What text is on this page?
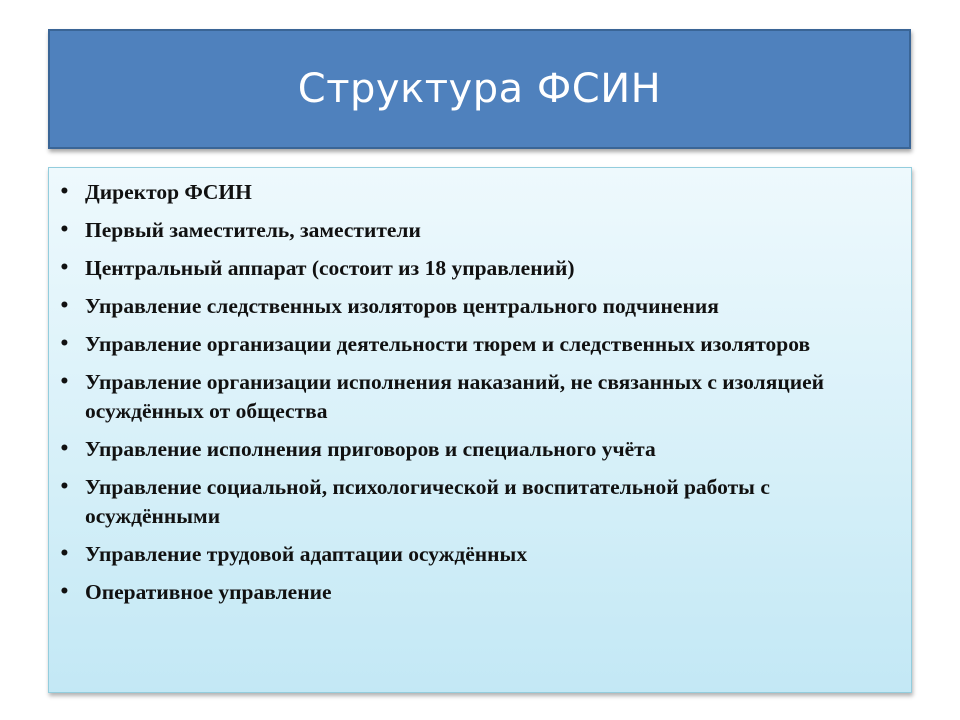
Структура ФСИН
• Директор ФСИН
• Первый заместитель, заместители
• Центральный аппарат (состоит из 18 управлений)
• Управление следственных изоляторов центрального подчинения
• Управление организации деятельности тюрем и следственных изоляторов
• Управление организации исполнения наказаний, не связанных с изоляцией осуждённых от общества
• Управление исполнения приговоров и специального учёта
• Управление социальной, психологической и воспитательной работы с осуждёнными
• Управление трудовой адаптации осуждённых
• Оперативное управление
